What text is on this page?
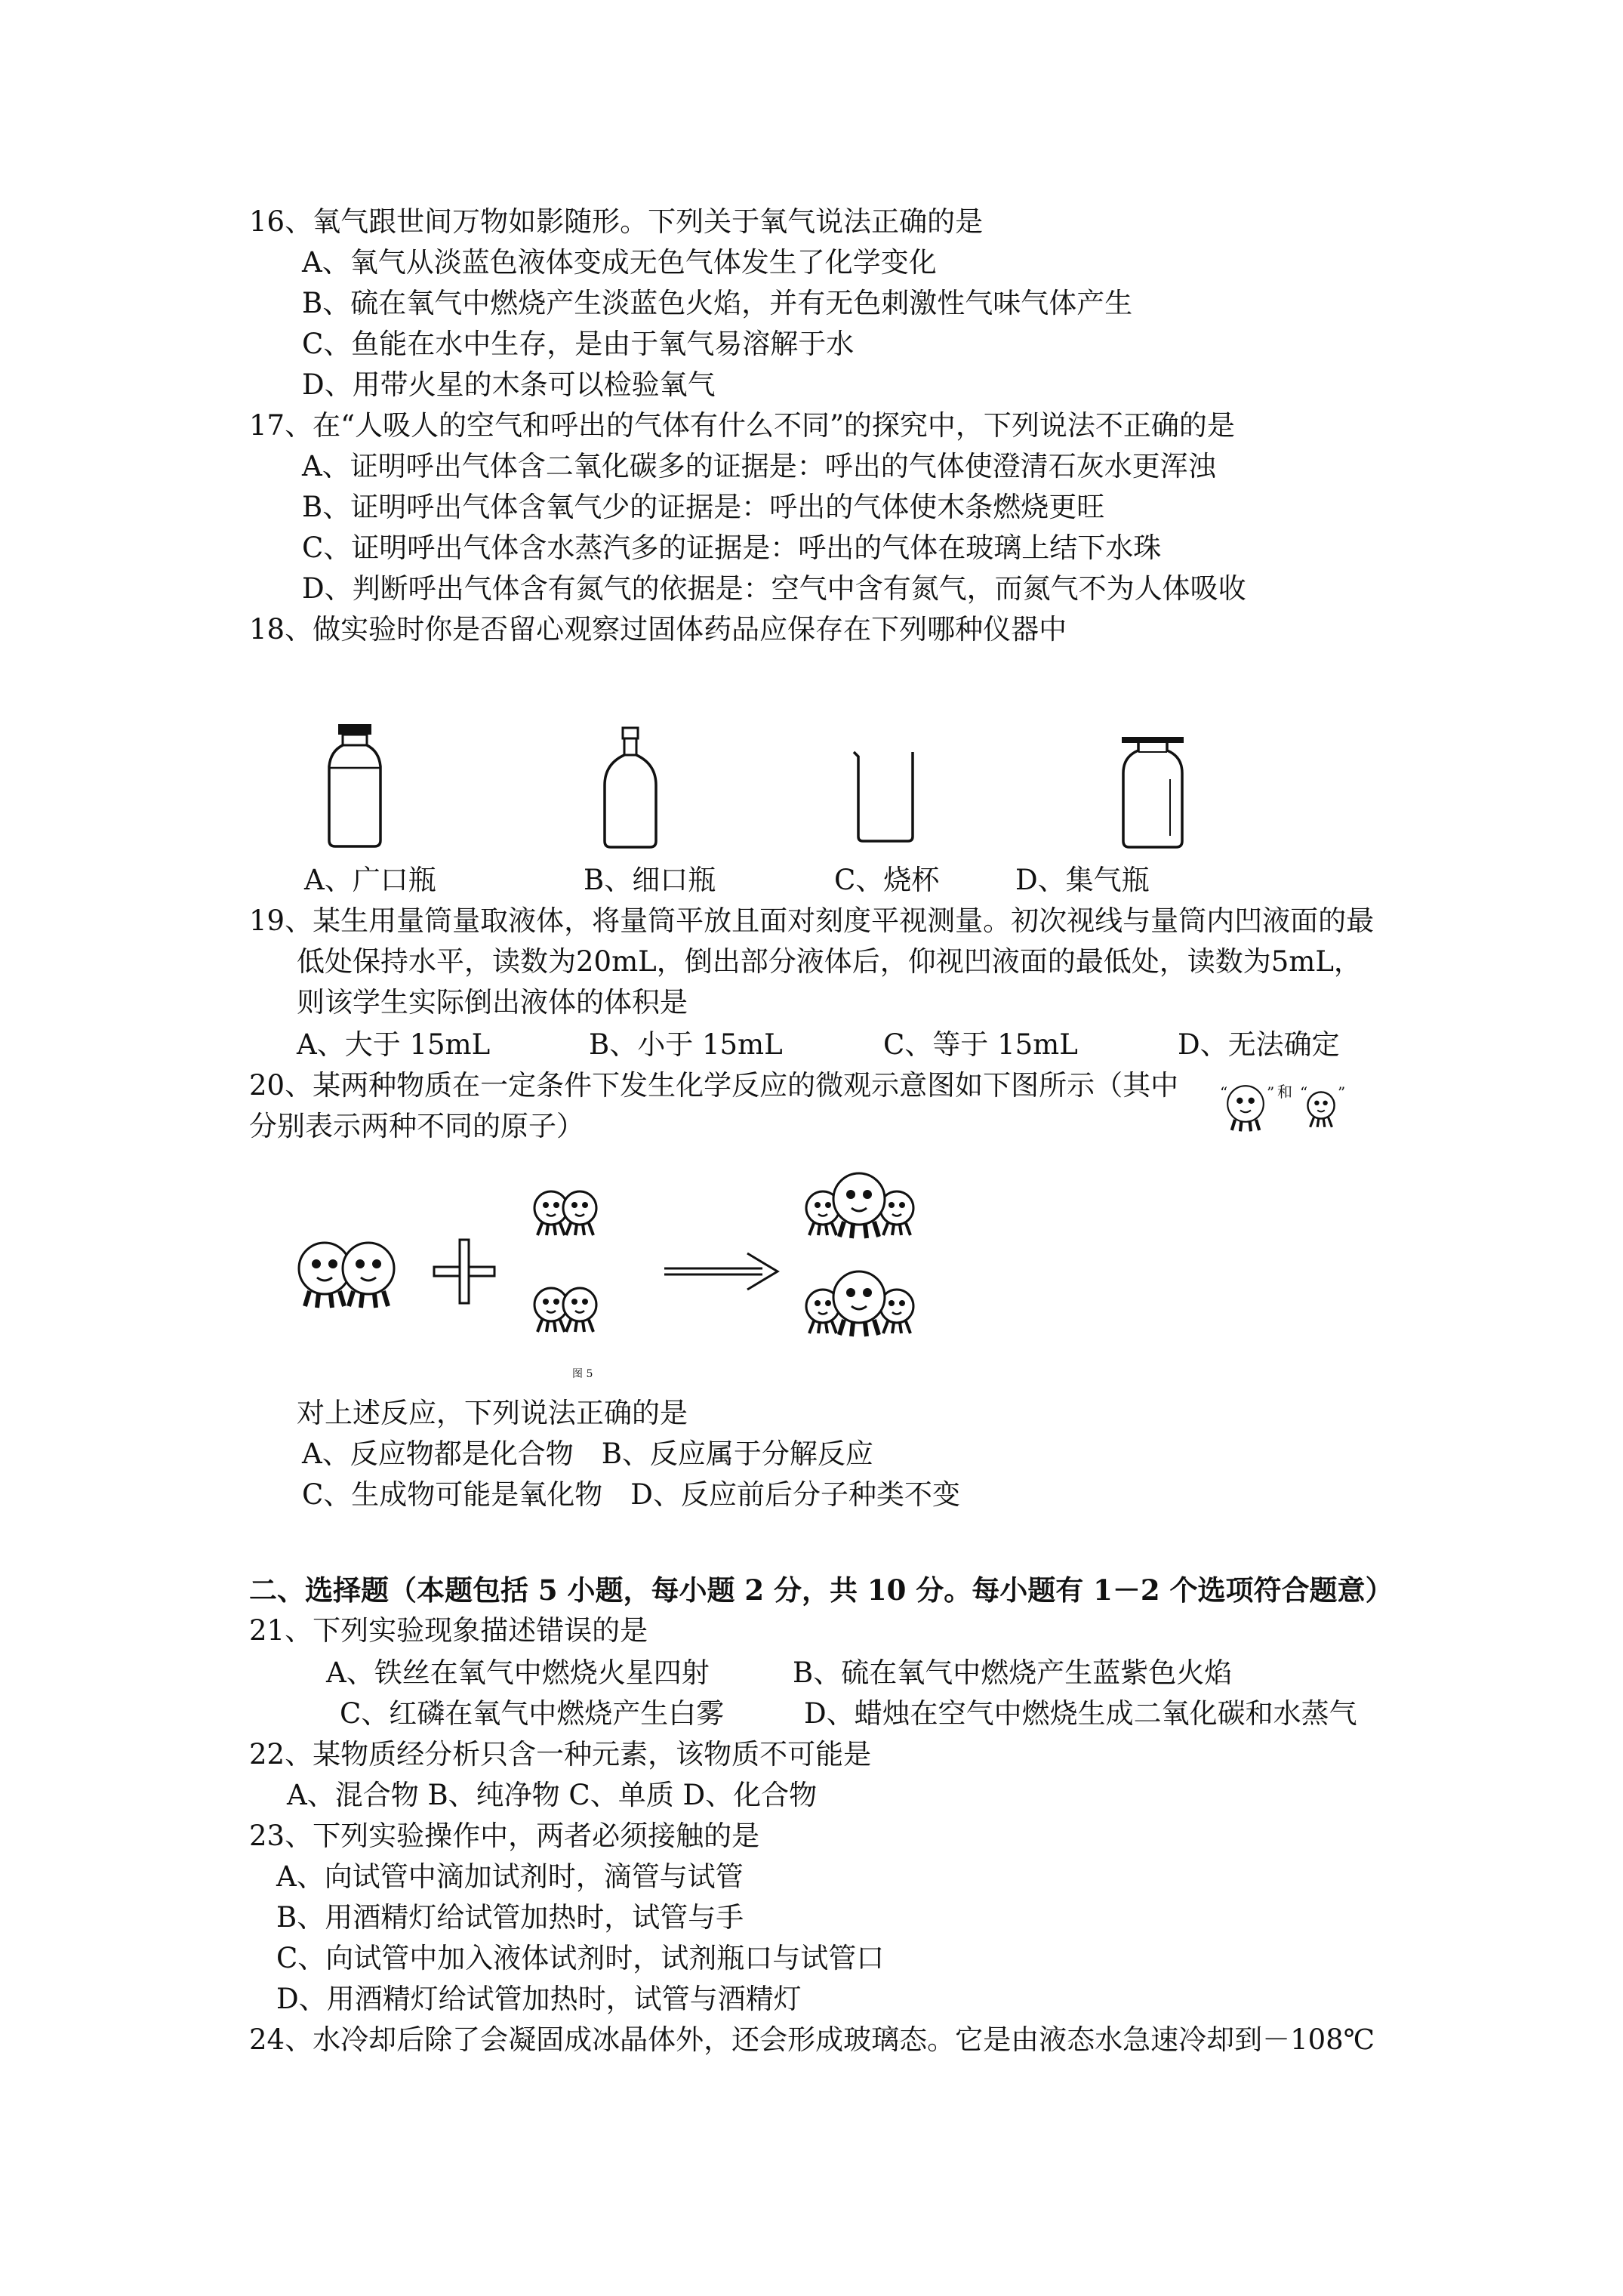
16、氧气跟世间万物如影随形。下列关于氧气说法正确的是
A、氧气从淡蓝色液体变成无色气体发生了化学变化
B、硫在氧气中燃烧产生淡蓝色火焰，并有无色刺激性气味气体产生
C、鱼能在水中生存，是由于氧气易溶解于水
D、用带火星的木条可以检验氧气
17、在“人吸人的空气和呼出的气体有什么不同”的探究中，下列说法不正确的是
A、证明呼出气体含二氧化碳多的证据是：呼出的气体使澄清石灰水更浑浊
B、证明呼出气体含氧气少的证据是：呼出的气体使木条燃烧更旺
C、证明呼出气体含水蒸汽多的证据是：呼出的气体在玻璃上结下水珠
D、判断呼出气体含有氮气的依据是：空气中含有氮气，而氮气不为人体吸收
18、做实验时你是否留心观察过固体药品应保存在下列哪种仪器中
A、广口瓶	B、细口瓶	C、烧杯	D、集气瓶
19、某生用量筒量取液体，将量筒平放且面对刻度平视测量。初次视线与量筒内凹液面的最
低处保持水平，读数为20mL，倒出部分液体后，仰视凹液面的最低处，读数为5mL，
则该学生实际倒出液体的体积是
A、大于 15mL	B、小于 15mL	C、等于 15mL	D、无法确定
20、某两种物质在一定条件下发生化学反应的微观示意图如下图所示（其中
分别表示两种不同的原子）
“	” “ ”
和
图 5
对上述反应，下列说法正确的是
A、反应物都是化合物　B、反应属于分解反应
C、生成物可能是氧化物　D、反应前后分子种类不变
二、选择题（本题包括 5 小题，每小题 2 分，共 10 分。每小题有 1－2 个选项符合题意）
21、下列实验现象描述错误的是
A、铁丝在氧气中燃烧火星四射	B、硫在氧气中燃烧产生蓝紫色火焰
C、红磷在氧气中燃烧产生白雾	D、蜡烛在空气中燃烧生成二氧化碳和水蒸气
22、某物质经分析只含一种元素，该物质不可能是
A、混合物 B、纯净物 C、单质 D、化合物
23、下列实验操作中，两者必须接触的是
A、向试管中滴加试剂时，滴管与试管
B、用酒精灯给试管加热时，试管与手
C、向试管中加入液体试剂时，试剂瓶口与试管口
D、用酒精灯给试管加热时，试管与酒精灯
24、水冷却后除了会凝固成冰晶体外，还会形成玻璃态。它是由液态水急速冷却到－108℃
